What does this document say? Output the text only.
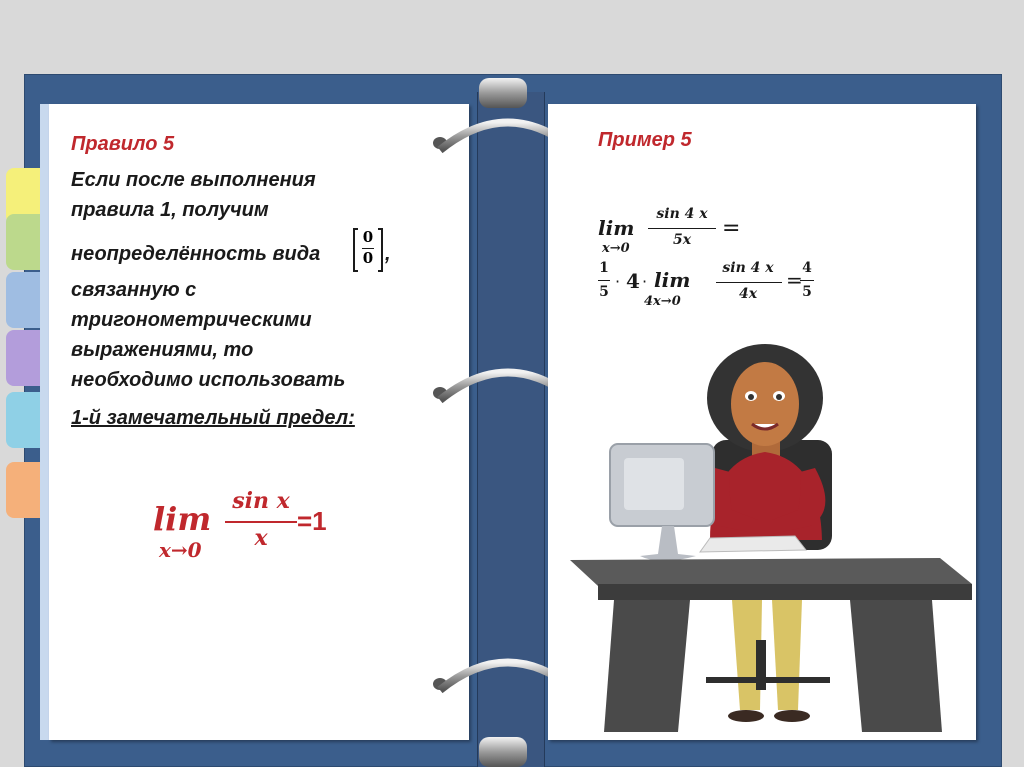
Правило 5
Если после выполнения
правила 1, получим
неопределённость вида
0
0 ,
связанную с
тригонометрическими
выражениями, то
необходимо использовать
1-й замечательный предел:
lim
x→0
sin x
x
=1
Пример 5
lim
x→0
sin 4 x
5x	=
1
5
· 4 · lim
4x→0
sin 4 x
4x
= 4
5
